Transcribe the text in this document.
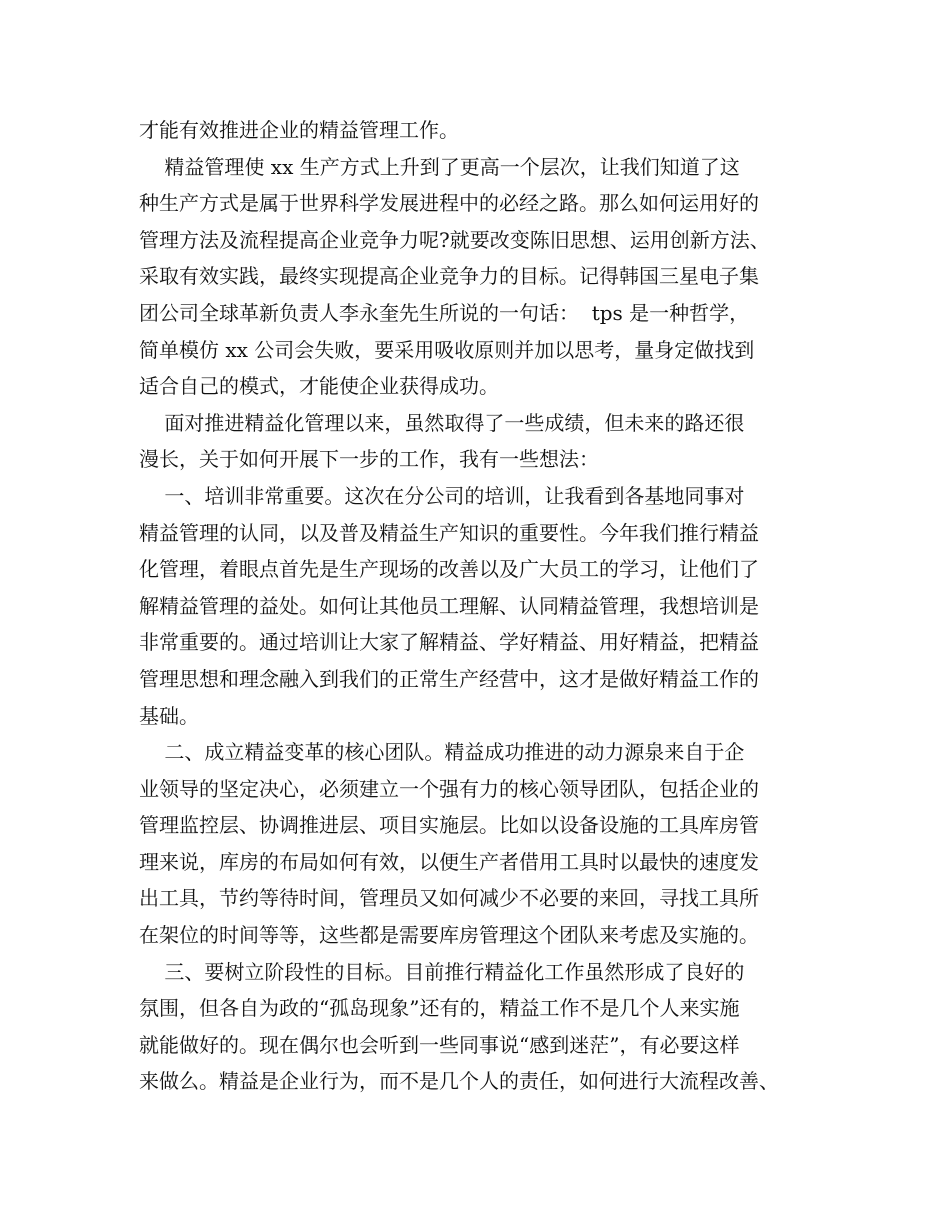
才能有效推进企业的精益管理工作。
精益管理使 xx 生产方式上升到了更高一个层次，让我们知道了这
种生产方式是属于世界科学发展进程中的必经之路。那么如何运用好的
管理方法及流程提高企业竞争力呢?就要改变陈旧思想、运用创新方法、
采取有效实践，最终实现提高企业竞争力的目标。记得韩国三星电子集
团公司全球革新负责人李永奎先生所说的一句话：  tps 是一种哲学，
简单模仿 xx 公司会失败，要采用吸收原则并加以思考，量身定做找到
适合自己的模式，才能使企业获得成功。
面对推进精益化管理以来，虽然取得了一些成绩，但未来的路还很
漫长，关于如何开展下一步的工作，我有一些想法：
一、培训非常重要。这次在分公司的培训，让我看到各基地同事对
精益管理的认同，以及普及精益生产知识的重要性。今年我们推行精益
化管理，着眼点首先是生产现场的改善以及广大员工的学习，让他们了
解精益管理的益处。如何让其他员工理解、认同精益管理，我想培训是
非常重要的。通过培训让大家了解精益、学好精益、用好精益，把精益
管理思想和理念融入到我们的正常生产经营中，这才是做好精益工作的
基础。
二、成立精益变革的核心团队。精益成功推进的动力源泉来自于企
业领导的坚定决心，必须建立一个强有力的核心领导团队，包括企业的
管理监控层、协调推进层、项目实施层。比如以设备设施的工具库房管
理来说，库房的布局如何有效，以便生产者借用工具时以最快的速度发
出工具，节约等待时间，管理员又如何减少不必要的来回，寻找工具所
在架位的时间等等，这些都是需要库房管理这个团队来考虑及实施的。
三、要树立阶段性的目标。目前推行精益化工作虽然形成了良好的
氛围，但各自为政的“孤岛现象”还有的，精益工作不是几个人来实施
就能做好的。现在偶尔也会听到一些同事说“感到迷茫”，有必要这样
来做么。精益是企业行为，而不是几个人的责任，如何进行大流程改善、
